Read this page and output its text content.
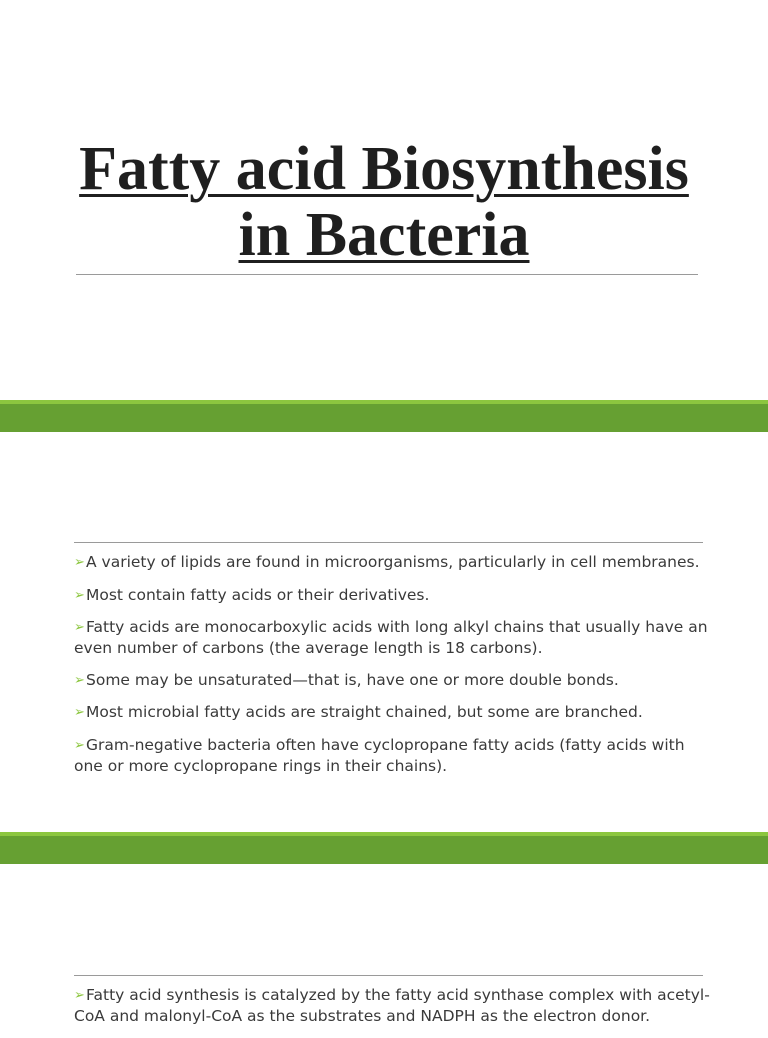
Fatty acid Biosynthesis
in Bacteria
➢A variety of lipids are found in microorganisms, particularly in cell membranes.
➢Most contain fatty acids or their derivatives.
➢Fatty acids are monocarboxylic acids with long alkyl chains that usually have an even number of carbons (the average length is 18 carbons).
➢Some may be unsaturated—that is, have one or more double bonds.
➢Most microbial fatty acids are straight chained, but some are branched.
➢Gram-negative bacteria often have cyclopropane fatty acids (fatty acids with one or more cyclopropane rings in their chains).
➢Fatty acid synthesis is catalyzed by the fatty acid synthase complex with acetyl-CoA and malonyl-CoA as the substrates and NADPH as the electron donor.
